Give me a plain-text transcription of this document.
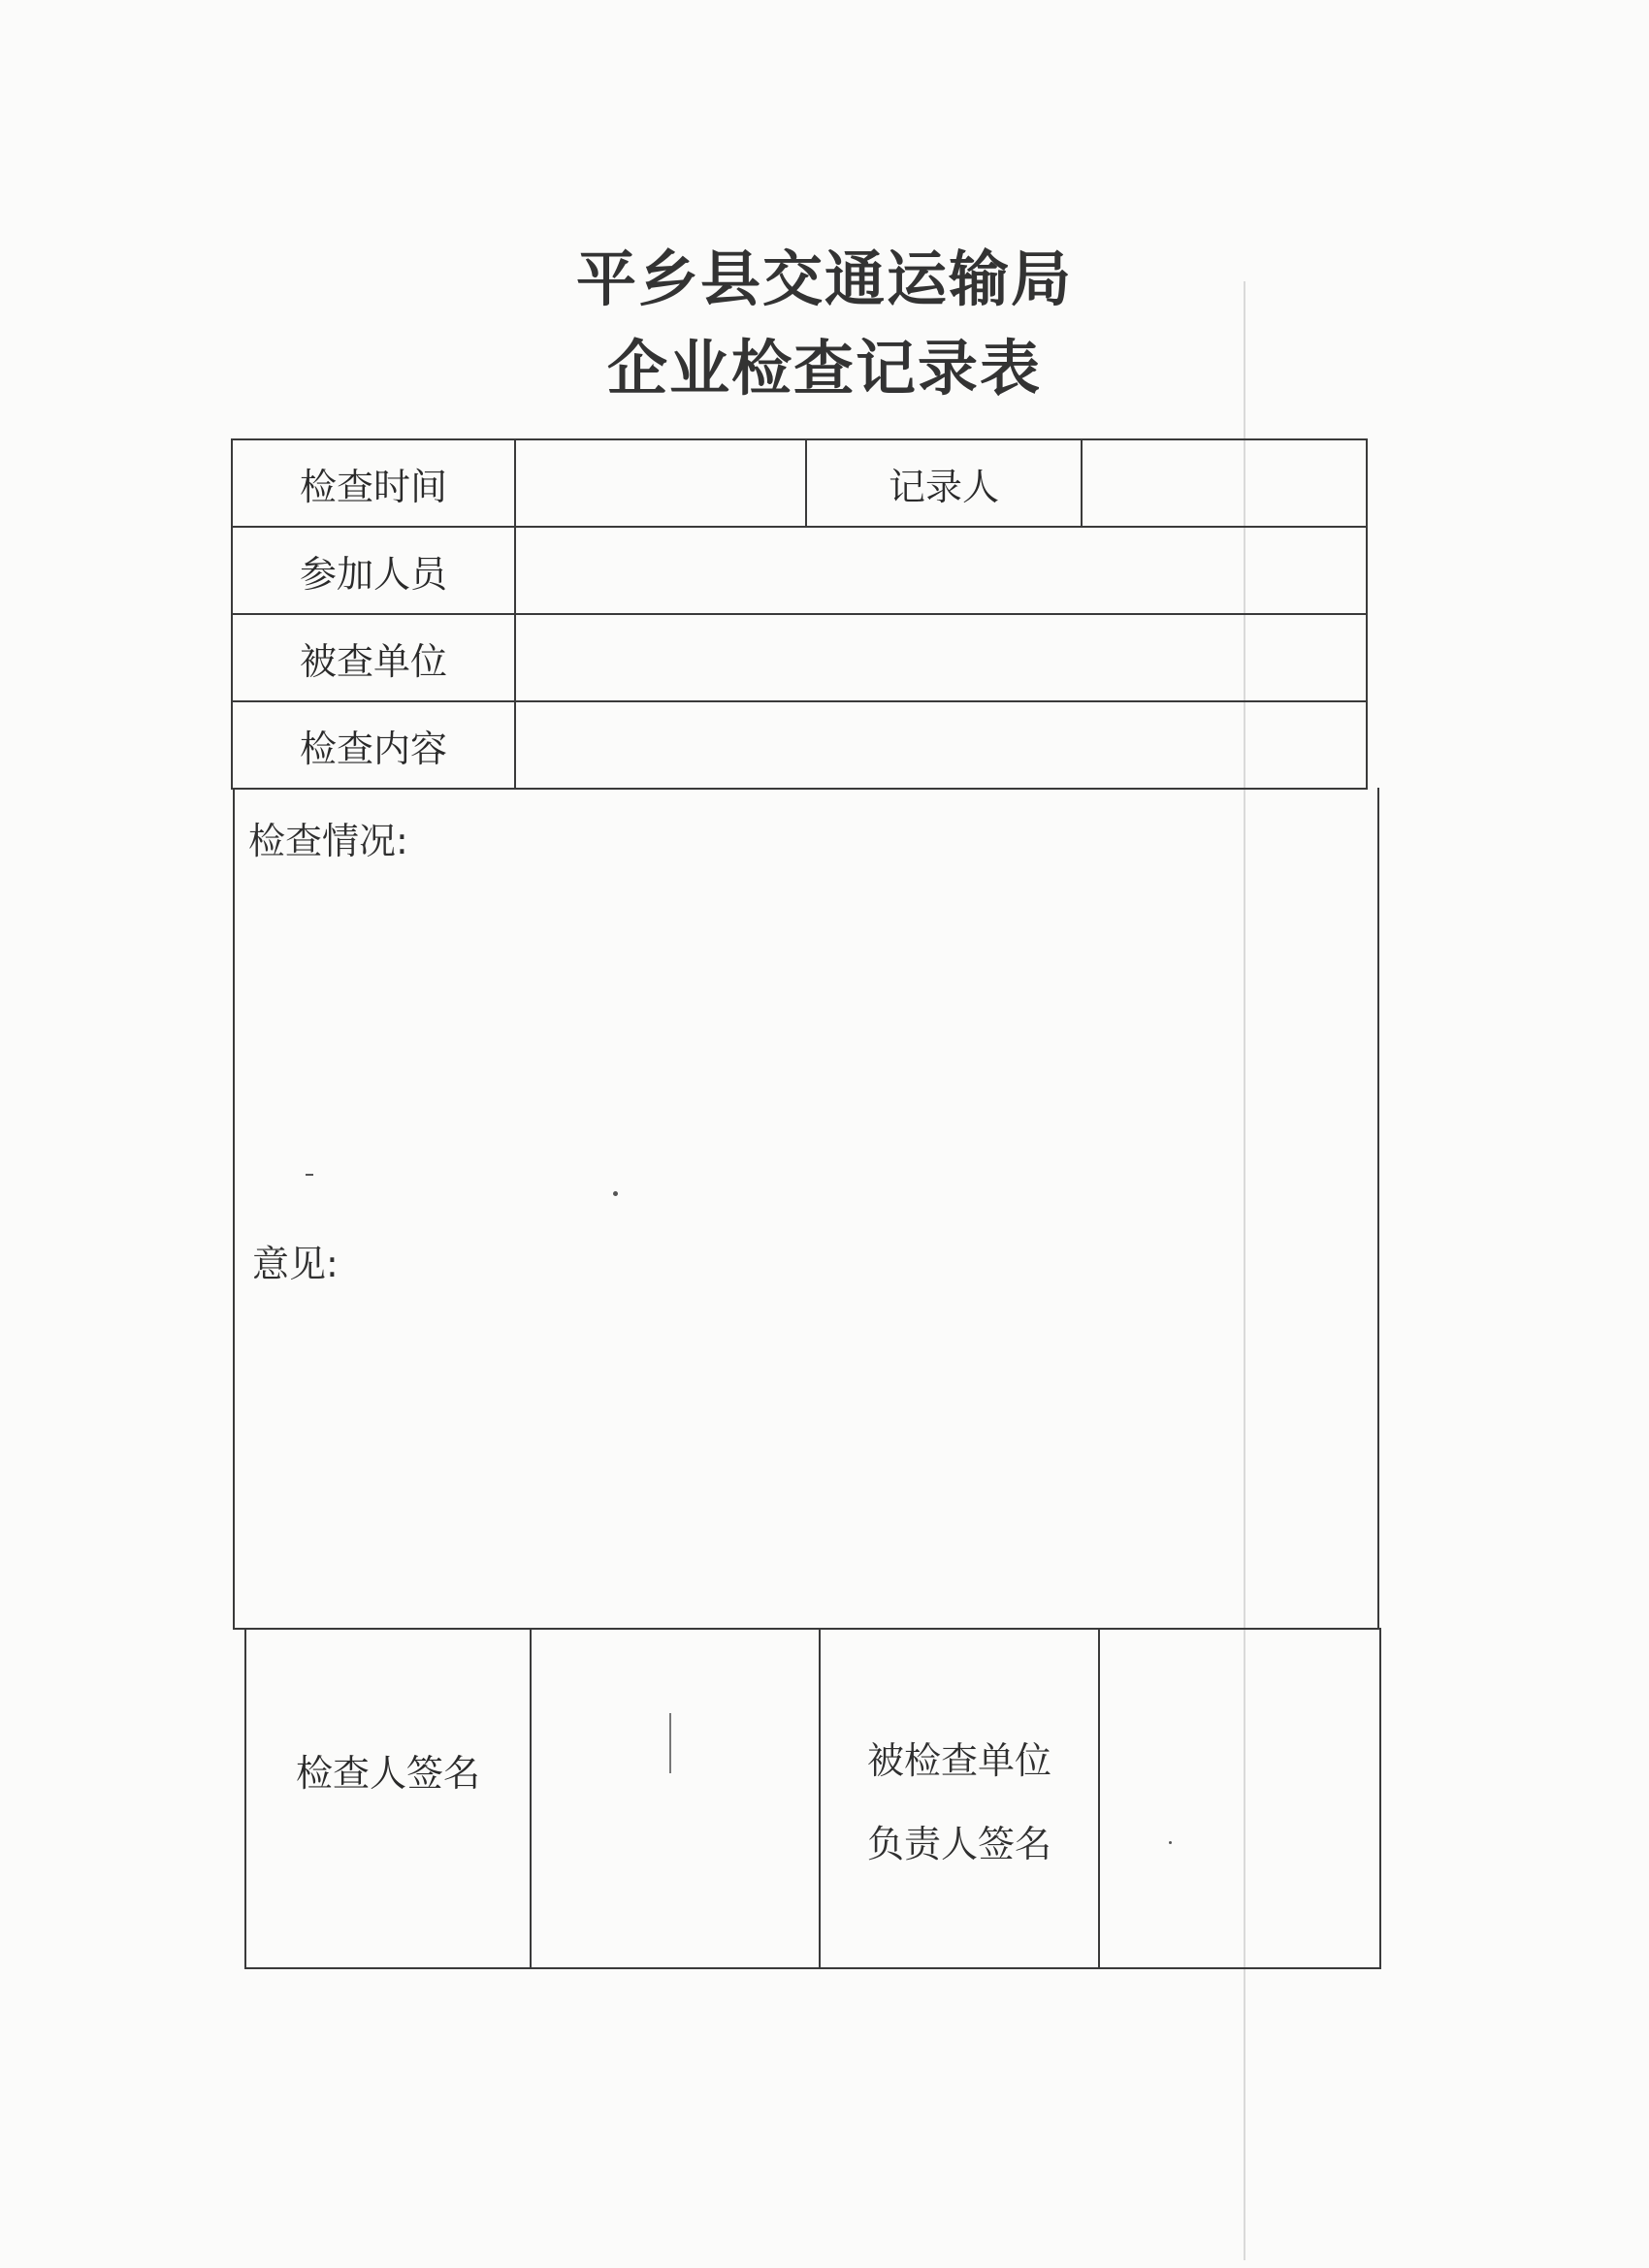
平乡县交通运输局
企业检查记录表
检查时间	记录人
参加人员
被查单位
检查内容
检查情况:
意见:
检查人签名	被检查单位
负责人签名
